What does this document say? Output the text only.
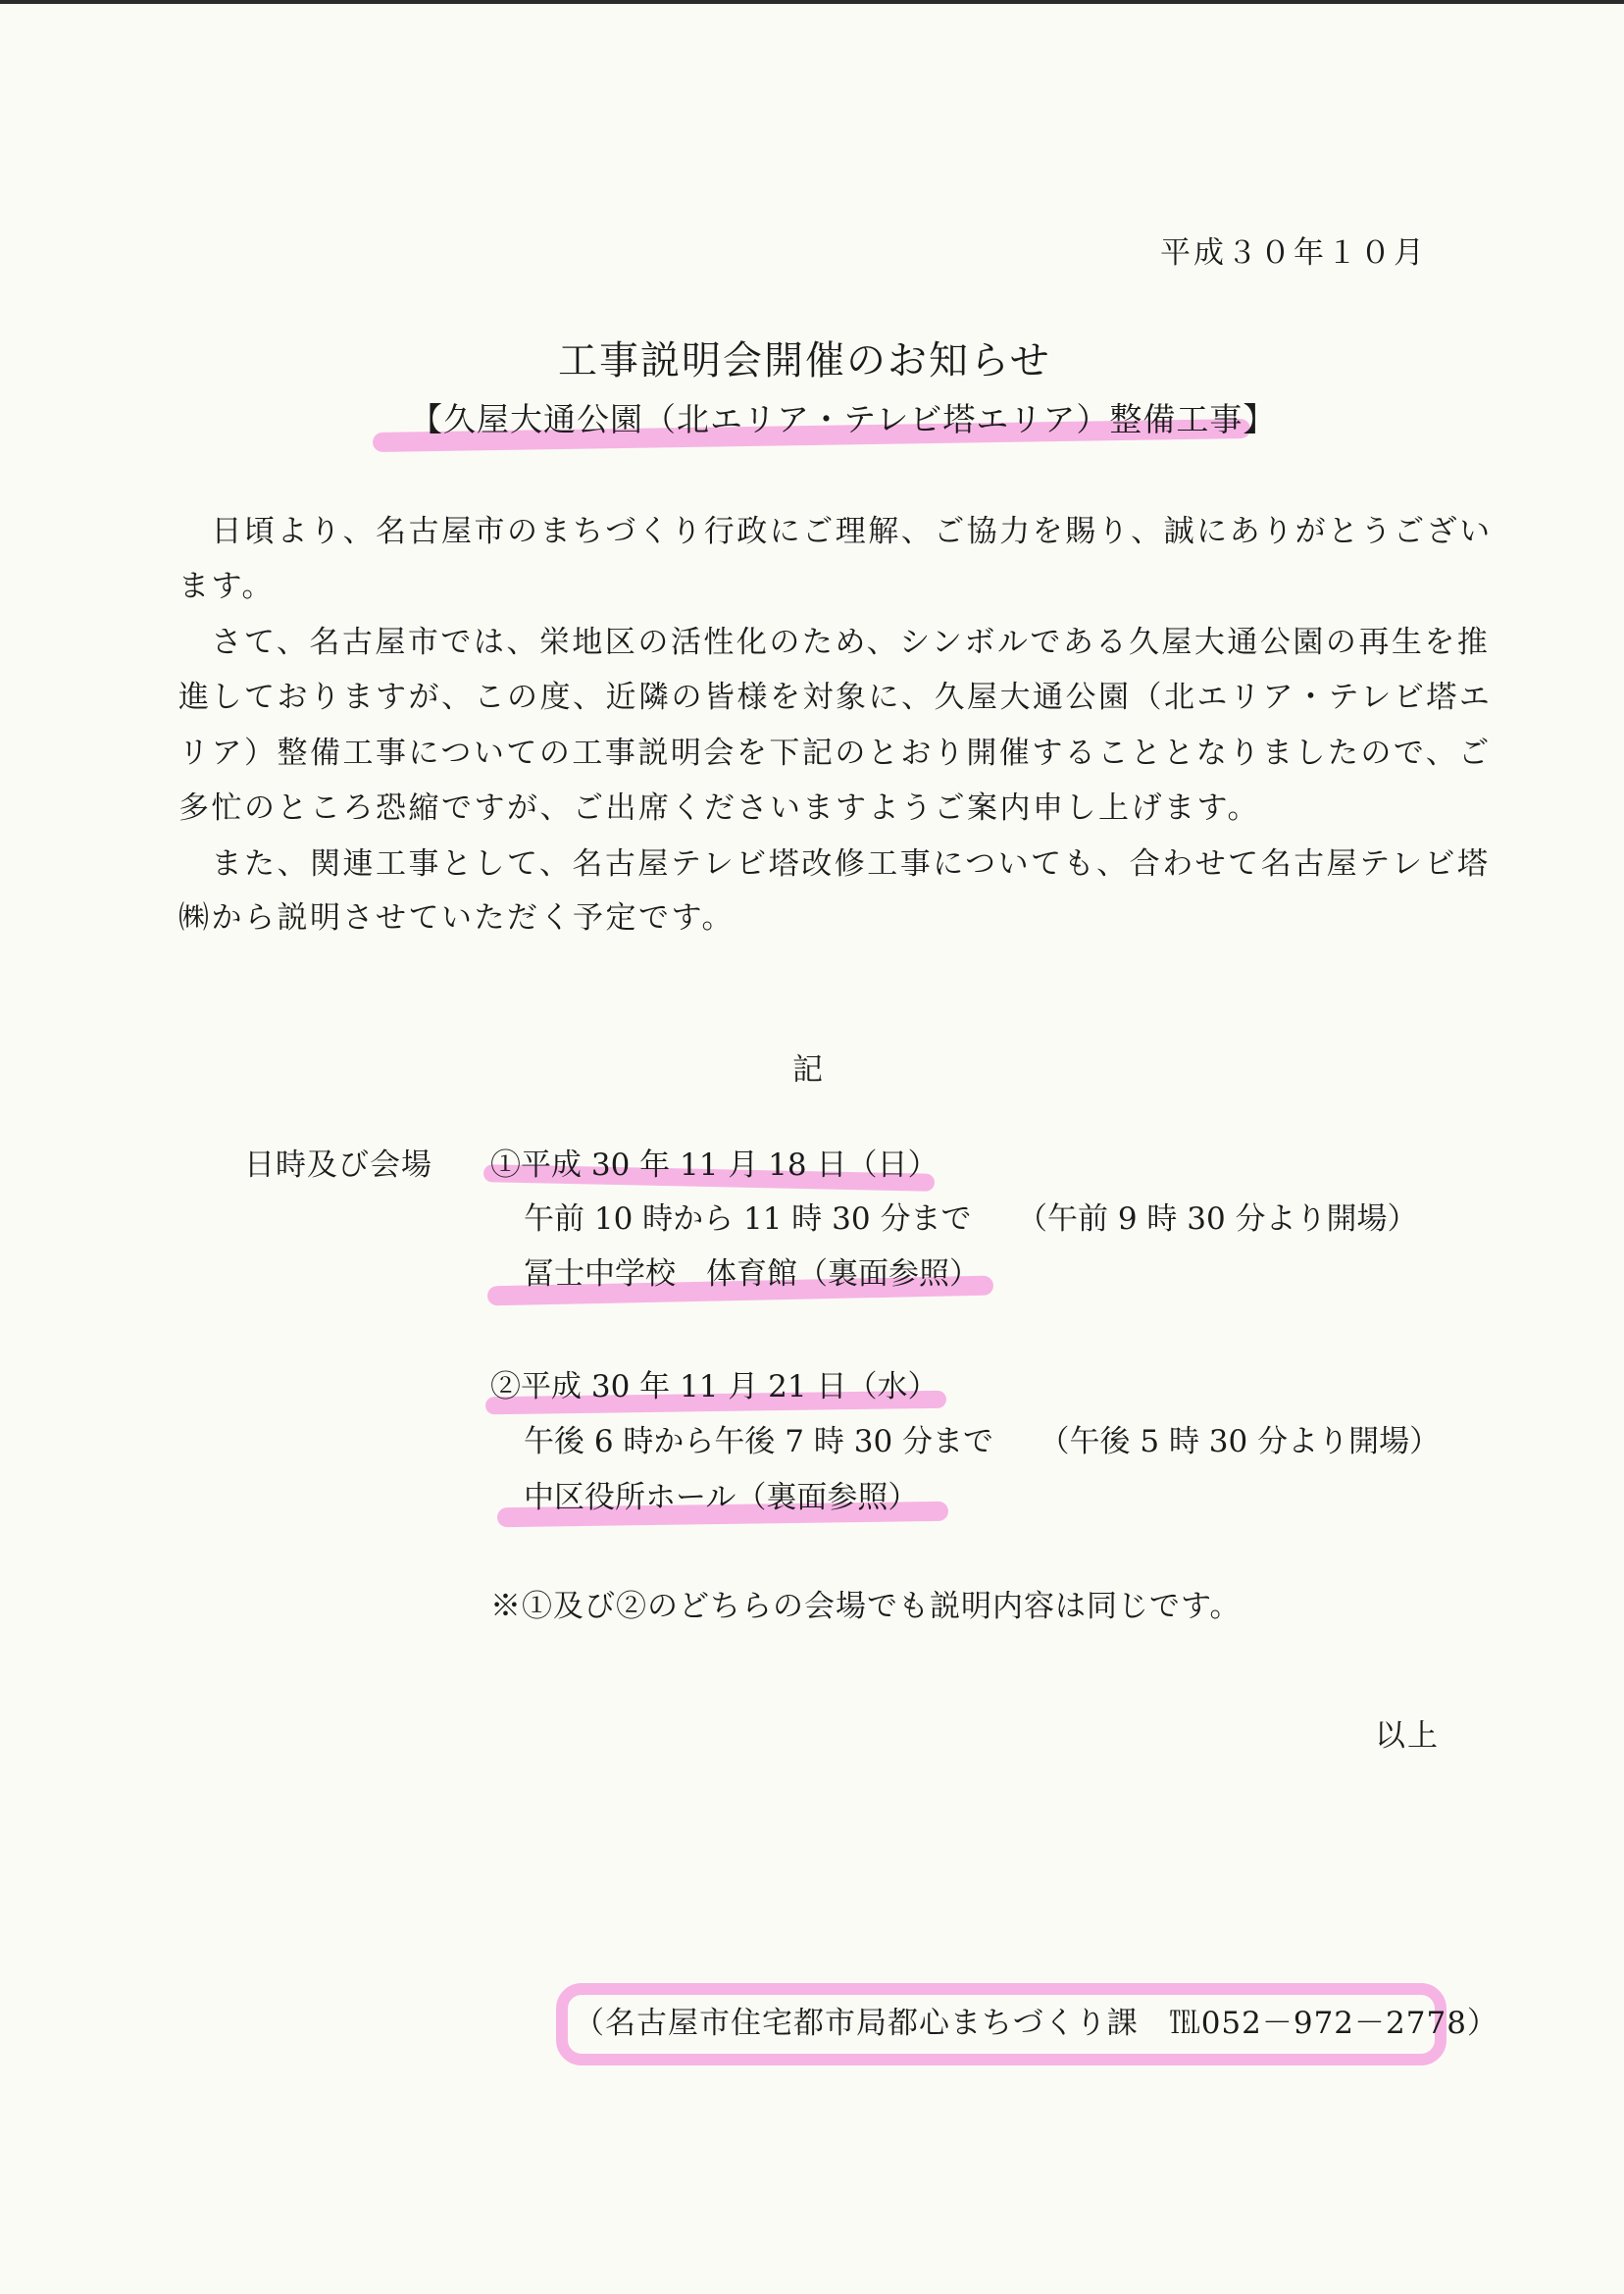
平成３０年１０月
工事説明会開催のお知らせ
【久屋大通公園（北エリア・テレビ塔エリア）整備工事】
　日頃より、名古屋市のまちづくり行政にご理解、ご協力を賜り、誠にありがとうござい
ます。
　さて、名古屋市では、栄地区の活性化のため、シンボルである久屋大通公園の再生を推
進しておりますが、この度、近隣の皆様を対象に、久屋大通公園（北エリア・テレビ塔エ
リア）整備工事についての工事説明会を下記のとおり開催することとなりましたので、ご
多忙のところ恐縮ですが、ご出席くださいますようご案内申し上げます。
　また、関連工事として、名古屋テレビ塔改修工事についても、合わせて名古屋テレビ塔
㈱から説明させていただく予定です。
記
日時及び会場 ①平成 30 年 11 月 18 日（日）
午前 10 時から 11 時 30 分まで　　（午前 9 時 30 分より開場）
冨士中学校　体育館（裏面参照）
②平成 30 年 11 月 21 日（水）
午後 6 時から午後 7 時 30 分まで　　（午後 5 時 30 分より開場）
中区役所ホール（裏面参照）
※①及び②のどちらの会場でも説明内容は同じです。
以上
（名古屋市住宅都市局都心まちづくり課　℡052－972－2778）
